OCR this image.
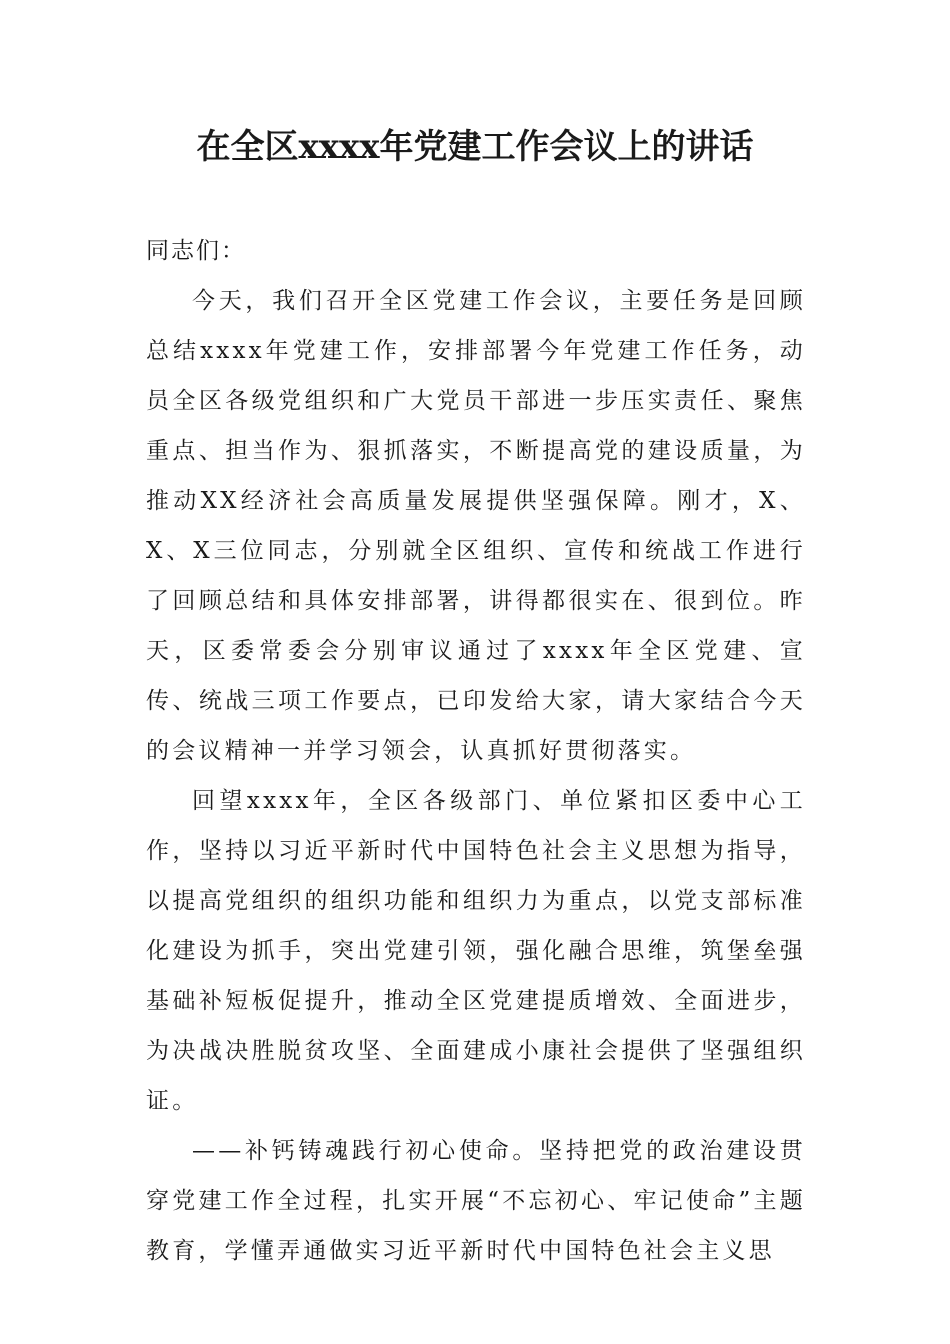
在全区xxxx年党建工作会议上的讲话

同志们：

今天，我们召开全区党建工作会议，主要任务是回顾总结xxxx年党建工作，安排部署今年党建工作任务，动员全区各级党组织和广大党员干部进一步压实责任、聚焦重点、担当作为、狠抓落实，不断提高党的建设质量，为推动XX经济社会高质量发展提供坚强保障。刚才，X、X、X三位同志，分别就全区组织、宣传和统战工作进行了回顾总结和具体安排部署，讲得都很实在、很到位。昨天，区委常委会分别审议通过了xxxx年全区党建、宣传、统战三项工作要点，已印发给大家，请大家结合今天的会议精神一并学习领会，认真抓好贯彻落实。

回望xxxx年，全区各级部门、单位紧扣区委中心工作，坚持以习近平新时代中国特色社会主义思想为指导，以提高党组织的组织功能和组织力为重点，以党支部标准化建设为抓手，突出党建引领，强化融合思维，筑堡垒强基础补短板促提升，推动全区党建提质增效、全面进步，为决战决胜脱贫攻坚、全面建成小康社会提供了坚强组织证。

——补钙铸魂践行初心使命。坚持把党的政治建设贯穿党建工作全过程，扎实开展“不忘初心、牢记使命”主题教育，学懂弄通做实习近平新时代中国特色社会主义思
